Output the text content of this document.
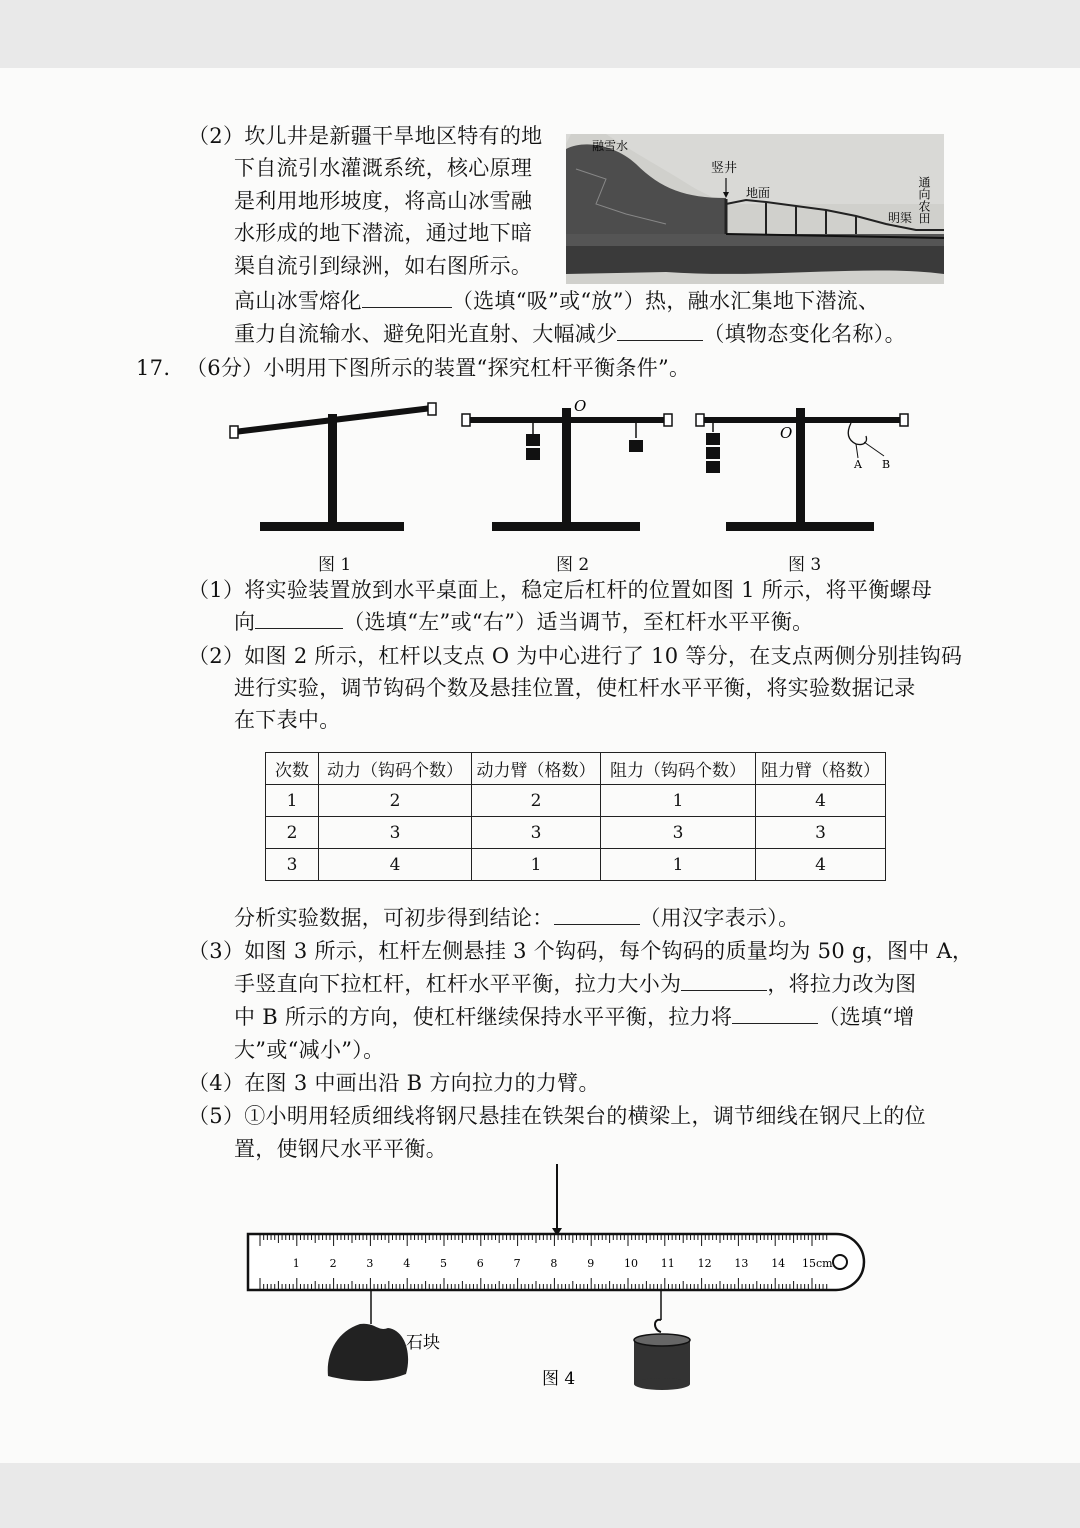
（2）坎儿井是新疆干旱地区特有的地
下自流引水灌溉系统，核心原理
是利用地形坡度，将高山冰雪融
水形成的地下潜流，通过地下暗
渠自流引到绿洲，如右图所示。
高山冰雪熔化	（选填“吸”或“放”）热，融水汇集地下潜流、
重力自流输水、避免阳光直射、大幅减少	（填物态变化名称）。
融雪水
竖井
地面
明渠 通向农田
17. （6分）小明用下图所示的装置“探究杠杆平衡条件”。
图 1
O
图 2
O
A B
图 3
（1）将实验装置放到水平桌面上，稳定后杠杆的位置如图 1 所示，将平衡螺母
向	（选填“左”或“右”）适当调节，至杠杆水平平衡。
（2）如图 2 所示，杠杆以支点 O 为中心进行了 10 等分，在支点两侧分别挂钩码
进行实验，调节钩码个数及悬挂位置，使杠杆水平平衡，将实验数据记录
在下表中。
次数	动力（钩码个数）	动力臂（格数）	阻力（钩码个数）	阻力臂（格数）
1	2	2	1	4
2	3	3	3	3
3	4	1	1	4
分析实验数据，可初步得到结论：	（用汉字表示）。
（3）如图 3 所示，杠杆左侧悬挂 3 个钩码，每个钩码的质量均为 50 g，图中 A，
手竖直向下拉杠杆，杠杆水平平衡，拉力大小为	，将拉力改为图
中 B 所示的方向，使杠杆继续保持水平平衡，拉力将	（选填“增
大”或“减小”）。
（4）在图 3 中画出沿 B 方向拉力的力臂。
（5）①小明用轻质细线将钢尺悬挂在铁架台的横梁上，调节细线在钢尺上的位
置，使钢尺水平平衡。
1	2	3	4	5	6	7	8	9	10 11 12 13 14 15cm
石块
图 4
